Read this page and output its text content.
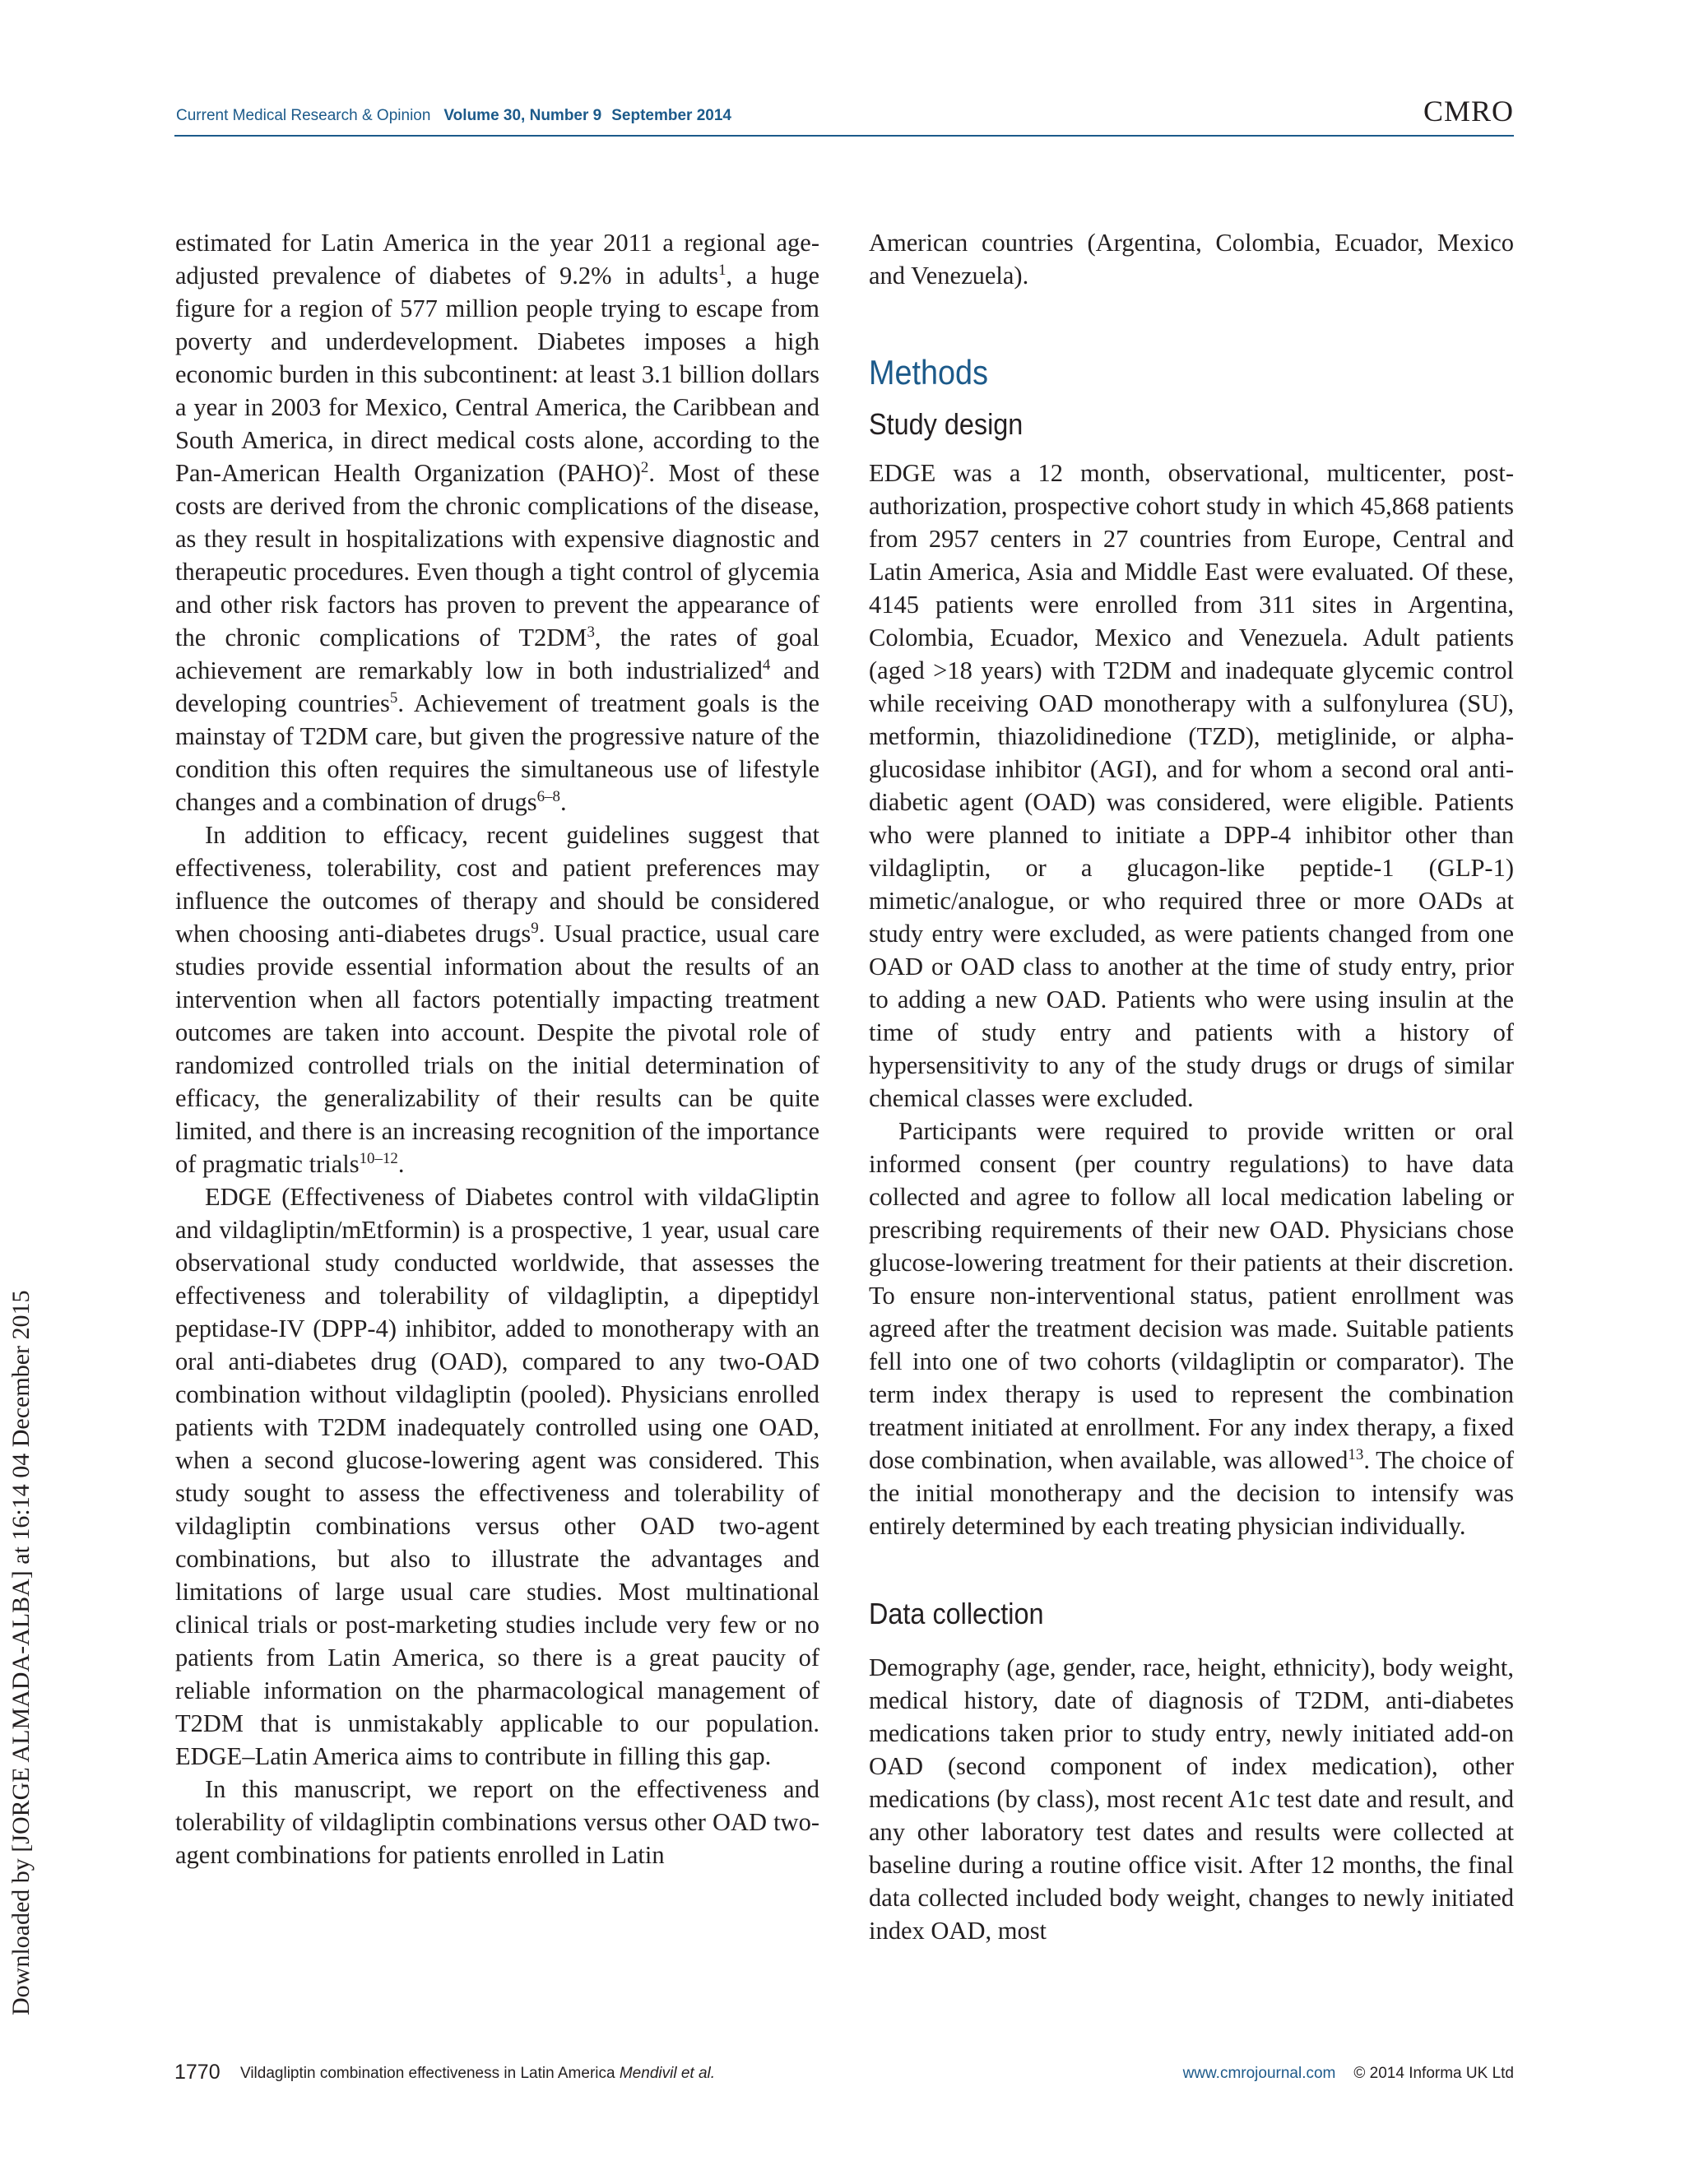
Current Medical Research & Opinion Volume 30, Number 9 September 2014	CMRO
Downloaded by [JORGE ALMADA-ALBA] at 16:14 04 December 2015

estimated for Latin America in the year 2011 a regional age-adjusted prevalence of diabetes of 9.2% in adults$^1$, a huge figure for a region of 577 million people trying to escape from poverty and underdevelopment. Diabetes imposes a high economic burden in this subcontinent: at least 3.1 billion dollars a year in 2003 for Mexico, Central America, the Caribbean and South America, in direct medical costs alone, according to the Pan-American Health Organization (PAHO)$^2$. Most of these costs are derived from the chronic complications of the disease, as they result in hospitalizations with expensive diagnostic and therapeutic procedures. Even though a tight control of glycemia and other risk factors has proven to prevent the appearance of the chronic complications of $T2DM^3$, the rates of goal achievement are remarkably low in both industrialized$^4$ and developing countries$^5$. Achievement of treatment goals is the mainstay of T2DM care, but given the progressive nature of the condition this often requires the simultaneous use of lifestyle changes and a combination of drugs$^{6-8}$.

In addition to efficacy, recent guidelines suggest that effectiveness, tolerability, cost and patient preferences may influence the outcomes of therapy and should be considered when choosing anti-diabetes drugs$^9$. Usual practice, usual care studies provide essential information about the results of an intervention when all factors potentially impacting treatment outcomes are taken into account. Despite the pivotal role of randomized controlled trials on the initial determination of efficacy, the generalizability of their results can be quite limited, and there is an increasing recognition of the importance of pragmatic trials$^{10-12}$.

EDGE (Effectiveness of Diabetes control with vildaGliptin and vildagliptin/mEtformin) is a prospective, 1 year, usual care observational study conducted worldwide, that assesses the effectiveness and tolerability of vildagliptin, a dipeptidyl peptidase-IV (DPP-4) inhibitor, added to monotherapy with an oral anti-diabetes drug (OAD), compared to any two-OAD combination without vildagliptin (pooled). Physicians enrolled patients with T2DM inadequately controlled using one OAD, when a second glucose-lowering agent was considered. This study sought to assess the effectiveness and tolerability of vildagliptin combinations versus other OAD two-agent combinations, but also to illustrate the advantages and limitations of large usual care studies. Most multinational clinical trials or post-marketing studies include very few or no patients from Latin America, so there is a great paucity of reliable information on the pharmacological management of T2DM that is unmistakably applicable to our population. EDGE–Latin America aims to contribute in filling this gap.

In this manuscript, we report on the effectiveness and tolerability of vildagliptin combinations versus other OAD two-agent combinations for patients enrolled in Latin

American countries (Argentina, Colombia, Ecuador, Mexico and Venezuela).

Methods
Study design

EDGE was a 12 month, observational, multicenter, post-authorization, prospective cohort study in which 45,868 patients from 2957 centers in 27 countries from Europe, Central and Latin America, Asia and Middle East were evaluated. Of these, 4145 patients were enrolled from 311 sites in Argentina, Colombia, Ecuador, Mexico and Venezuela. Adult patients (aged >18 years) with T2DM and inadequate glycemic control while receiving OAD monotherapy with a sulfonylurea (SU), metformin, thiazolidinedione (TZD), metiglinide, or alpha-glucosidase inhibitor (AGI), and for whom a second oral anti-diabetic agent (OAD) was considered, were eligible. Patients who were planned to initiate a DPP-4 inhibitor other than vildagliptin, or a glucagon-like peptide-1 (GLP-1) mimetic/analogue, or who required three or more OADs at study entry were excluded, as were patients changed from one OAD or OAD class to another at the time of study entry, prior to adding a new OAD. Patients who were using insulin at the time of study entry and patients with a history of hypersensitivity to any of the study drugs or drugs of similar chemical classes were excluded.

Participants were required to provide written or oral informed consent (per country regulations) to have data collected and agree to follow all local medication labeling or prescribing requirements of their new OAD. Physicians chose glucose-lowering treatment for their patients at their discretion. To ensure non-interventional status, patient enrollment was agreed after the treatment decision was made. Suitable patients fell into one of two cohorts (vildagliptin or comparator). The term index therapy is used to represent the combination treatment initiated at enrollment. For any index therapy, a fixed dose combination, when available, was allowed$^{13}$. The choice of the initial monotherapy and the decision to intensify was entirely determined by each treating physician individually.

Data collection

Demography (age, gender, race, height, ethnicity), body weight, medical history, date of diagnosis of T2DM, anti-diabetes medications taken prior to study entry, newly initiated add-on OAD (second component of index medication), other medications (by class), most recent A1c test date and result, and any other laboratory test dates and results were collected at baseline during a routine office visit. After 12 months, the final data collected included body weight, changes to newly initiated index OAD, most

1770 Vildagliptin combination effectiveness in Latin America Mendivil et al.	www.cmrojournal.com © 2014 Informa UK Ltd
